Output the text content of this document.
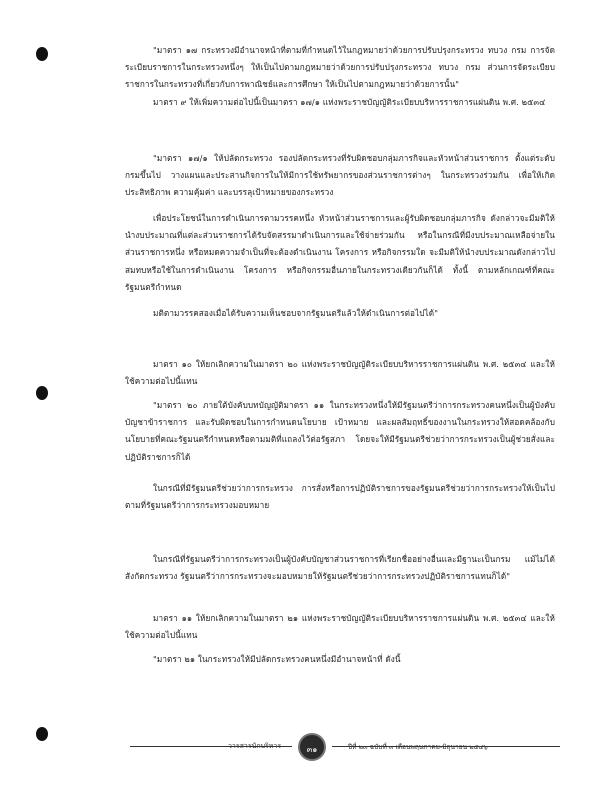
"มาตรา ๑๗ กระทรวงมีอำนาจหน้าที่ตามที่กำหนดไว้ในกฎหมายว่าด้วยการปรับปรุงกระทรวง ทบวง กรม การจัดระเบียบราชการในกระทรวงหนึ่งๆ ให้เป็นไปตามกฎหมายว่าด้วยการปรับปรุงกระทรวง ทบวง กรม ส่วนการจัดระเบียบราชการในกระทรวงที่เกี่ยวกับการพาณิชย์และการศึกษา ให้เป็นไปตามกฎหมายว่าด้วยการนั้น"

มาตรา ๙ ให้เพิ่มความต่อไปนี้เป็นมาตรา ๑๗/๑ แห่งพระราชบัญญัติระเบียบบริหารราชการแผ่นดิน พ.ศ. ๒๕๓๔

"มาตรา ๑๗/๑ ให้ปลัดกระทรวง รองปลัดกระทรวงที่รับผิดชอบกลุ่มภารกิจและหัวหน้าส่วนราชการ ตั้งแต่ระดับกรมขึ้นไป วางแผนและประสานกิจการในให้มีการใช้ทรัพยากรของส่วนราชการต่างๆ ในกระทรวงร่วมกัน เพื่อให้เกิดประสิทธิภาพ ความคุ้มค่า และบรรลุเป้าหมายของกระทรวง

เพื่อประโยชน์ในการดำเนินการตามวรรคหนึ่ง หัวหน้าส่วนราชการและผู้รับผิดชอบกลุ่มภารกิจ ดังกล่าวจะมีมติให้นำงบประมาณที่แต่ละส่วนราชการได้รับจัดสรรมาดำเนินการและใช้จ่ายร่วมกัน หรือในกรณีที่มีงบประมาณเหลือจ่ายในส่วนราชการหนึ่ง หรือหมดความจำเป็นที่จะต้องดำเนินงาน โครงการ หรือกิจกรรมใด จะมีมติให้นำงบประมาณดังกล่าวไปสมทบหรือใช้ในการดำเนินงาน โครงการ หรือกิจกรรมอื่นภายในกระทรวงเดียวกันก็ได้ ทั้งนี้ ตามหลักเกณฑ์ที่คณะรัฐมนตรีกำหนด

มติตามวรรคสองเมื่อได้รับความเห็นชอบจากรัฐมนตรีแล้วให้ดำเนินการต่อไปได้"

มาตรา ๑๐ ให้ยกเลิกความในมาตรา ๒๐ แห่งพระราชบัญญัติระเบียบบริหารราชการแผ่นดิน พ.ศ. ๒๕๓๔ และให้ใช้ความต่อไปนี้แทน

"มาตรา ๒๐ ภายใต้บังคับบทบัญญัติมาตรา ๑๑ ในกระทรวงหนึ่งให้มีรัฐมนตรีว่าการกระทรวงคนหนึ่งเป็นผู้บังคับบัญชาข้าราชการ และรับผิดชอบในการกำหนดนโยบาย เป้าหมาย และผลสัมฤทธิ์ของงานในกระทรวงให้สอดคล้องกับนโยบายที่คณะรัฐมนตรีกำหนดหรือตามมติที่แถลงไว้ต่อรัฐสภา โดยจะให้มีรัฐมนตรีช่วยว่าการกระทรวงเป็นผู้ช่วยสั่งและปฏิบัติราชการก็ได้

ในกรณีที่มีรัฐมนตรีช่วยว่าการกระทรวง การสั่งหรือการปฏิบัติราชการของรัฐมนตรีช่วยว่าการกระทรวงให้เป็นไปตามที่รัฐมนตรีว่าการกระทรวงมอบหมาย

ในกรณีที่รัฐมนตรีว่าการกระทรวงเป็นผู้บังคับบัญชาส่วนราชการที่เรียกชื่ออย่างอื่นและมีฐานะเป็นกรม แม้ไม่ได้สังกัดกระทรวง รัฐมนตรีว่าการกระทรวงจะมอบหมายให้รัฐมนตรีช่วยว่าการกระทรวงปฏิบัติราชการแทนก็ได้"

มาตรา ๑๑ ให้ยกเลิกความในมาตรา ๒๑ แห่งพระราชบัญญัติระเบียบบริหารราชการแผ่นดิน พ.ศ. ๒๕๓๔ และให้ใช้ความต่อไปนี้แทน

"มาตรา ๒๑ ในกระทรวงให้มีปลัดกระทรวงคนหนึ่งมีอำนาจหน้าที่ ดังนี้

วารสารนักบริหาร	๓๑	ปีที่ ๒๓ ฉบับที่ ๓ เดือนพฤษภาคม-มิถุนายน ๒๕๔๖
